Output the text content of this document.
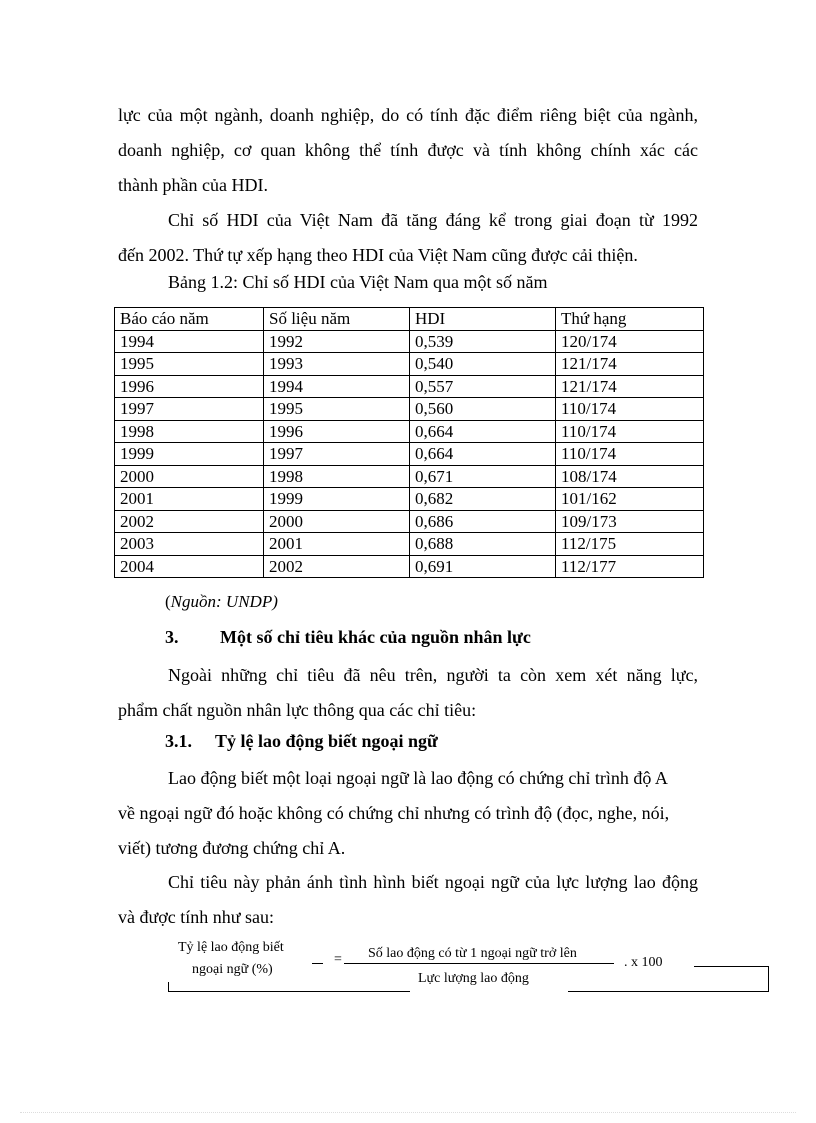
lực của một ngành, doanh nghiệp, do có tính đặc điểm riêng biệt của ngành,
doanh nghiệp, cơ quan không thể tính được và tính không chính xác các
thành phần của HDI.

Chỉ số HDI của Việt Nam đã tăng đáng kể trong giai đoạn từ 1992
đến 2002. Thứ tự xếp hạng theo HDI của Việt Nam cũng được cải thiện.

Bảng 1.2: Chỉ số HDI của Việt Nam qua một số năm
Báo cáo năm	Số liệu năm	HDI	Thứ hạng
1994	1992	0,539	120/174
1995	1993	0,540	121/174
1996	1994	0,557	121/174
1997	1995	0,560	110/174
1998	1996	0,664	110/174
1999	1997	0,664	110/174
2000	1998	0,671	108/174
2001	1999	0,682	101/162
2002	2000	0,686	109/173
2003	2001	0,688	112/175
2004	2002	0,691	112/177
(Nguồn: UNDP)
3. Một số chỉ tiêu khác của nguồn nhân lực

Ngoài những chỉ tiêu đã nêu trên, người ta còn xem xét năng lực,
phẩm chất nguồn nhân lực thông qua các chỉ tiêu:

3.1. Tỷ lệ lao động biết ngoại ngữ

Lao động biết một loại ngoại ngữ là lao động có chứng chỉ trình độ A
về ngoại ngữ đó hoặc không có chứng chỉ nhưng có trình độ (đọc, nghe, nói,
viết) tương đương chứng chỉ A.

Chỉ tiêu này phản ánh tình hình biết ngoại ngữ của lực lượng lao động
và được tính như sau:

Tỷ lệ lao động biết
ngoại ngữ (%)
= Số lao động có từ 1 ngoại ngữ trở lên
Lực lượng lao động
. x 100
